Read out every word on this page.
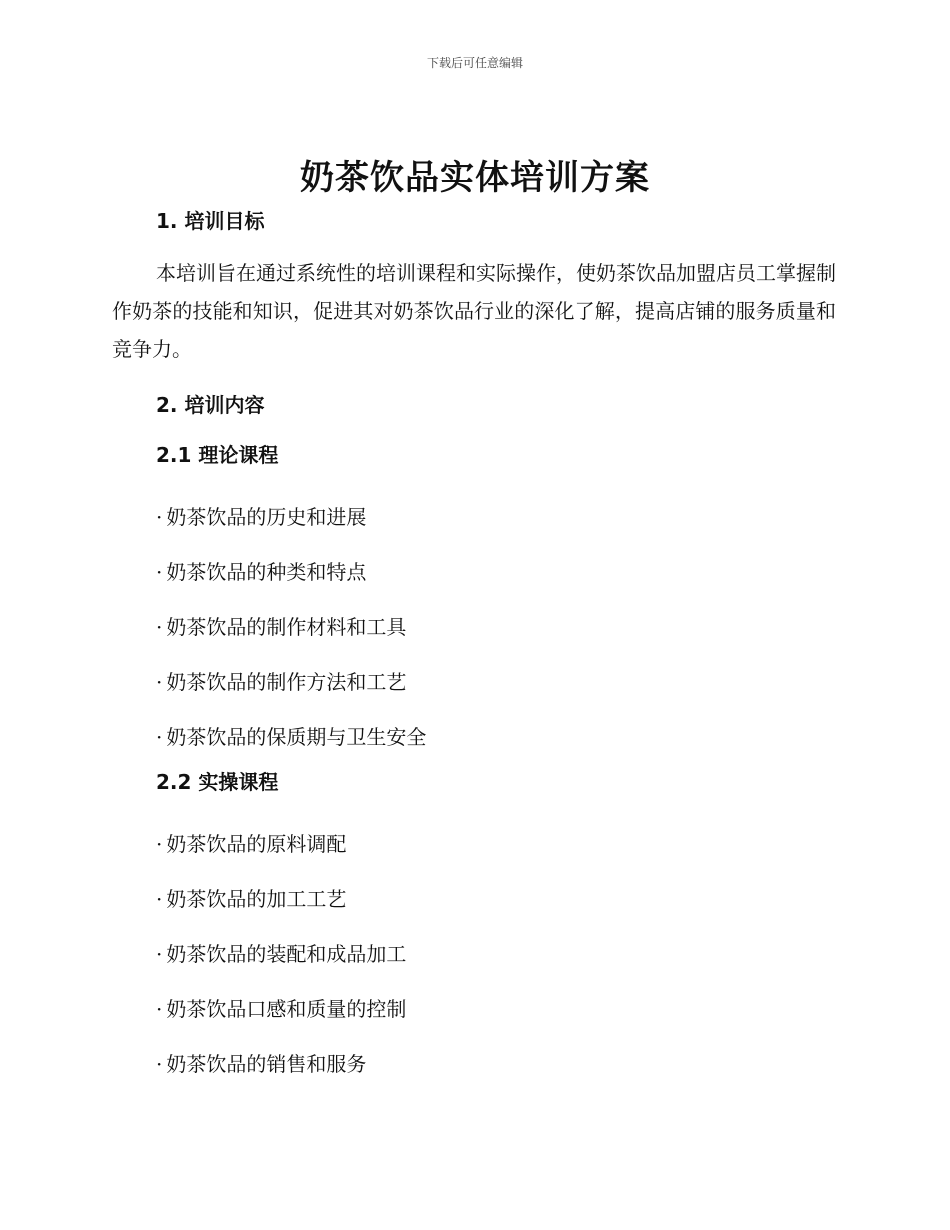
下载后可任意编辑
奶茶饮品实体培训方案
1. 培训目标

本培训旨在通过系统性的培训课程和实际操作，使奶茶饮品加盟店员工掌握制作奶茶的技能和知识，促进其对奶茶饮品行业的深化了解，提高店铺的服务质量和竞争力。

2. 培训内容
2.1 理论课程
· 奶茶饮品的历史和进展
· 奶茶饮品的种类和特点
· 奶茶饮品的制作材料和工具
· 奶茶饮品的制作方法和工艺
· 奶茶饮品的保质期与卫生安全
2.2 实操课程
· 奶茶饮品的原料调配
· 奶茶饮品的加工工艺
· 奶茶饮品的装配和成品加工
· 奶茶饮品口感和质量的控制
· 奶茶饮品的销售和服务
